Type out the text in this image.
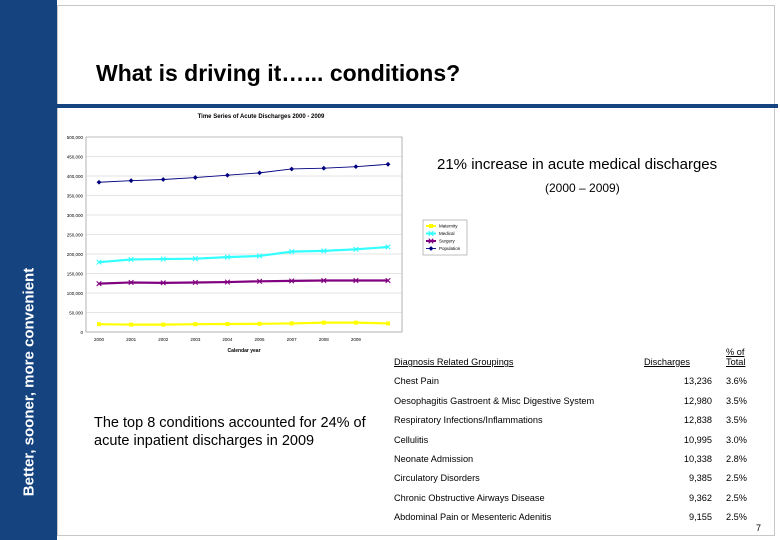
Better, sooner, more convenient
What is driving it…... conditions?
Time Series of Acute Discharges 2000 - 2009
0
50,000
100,000
150,000
200,000
250,000
300,000
350,000
400,000
450,000
500,000
2000	2001	2002	2003	2004	2005	2007	2008	2009
Calendar year
Maternity
Medical
Surgery
Population
21% increase in acute medical discharges
(2000 – 2009)
The top 8 conditions accounted for 24% of acute inpatient discharges in 2009
Diagnosis Related Groupings	Discharges	% of Total
Chest Pain	13,236	3.6%
Oesophagitis Gastroent & Misc Digestive System	12,980	3.5%
Respiratory Infections/Inflammations	12,838	3.5%
Cellulitis	10,995	3.0%
Neonate Admission	10,338	2.8%
Circulatory Disorders	9,385	2.5%
Chronic Obstructive Airways Disease	9,362	2.5%
Abdominal Pain or Mesenteric Adenitis	9,155	2.5%
7
